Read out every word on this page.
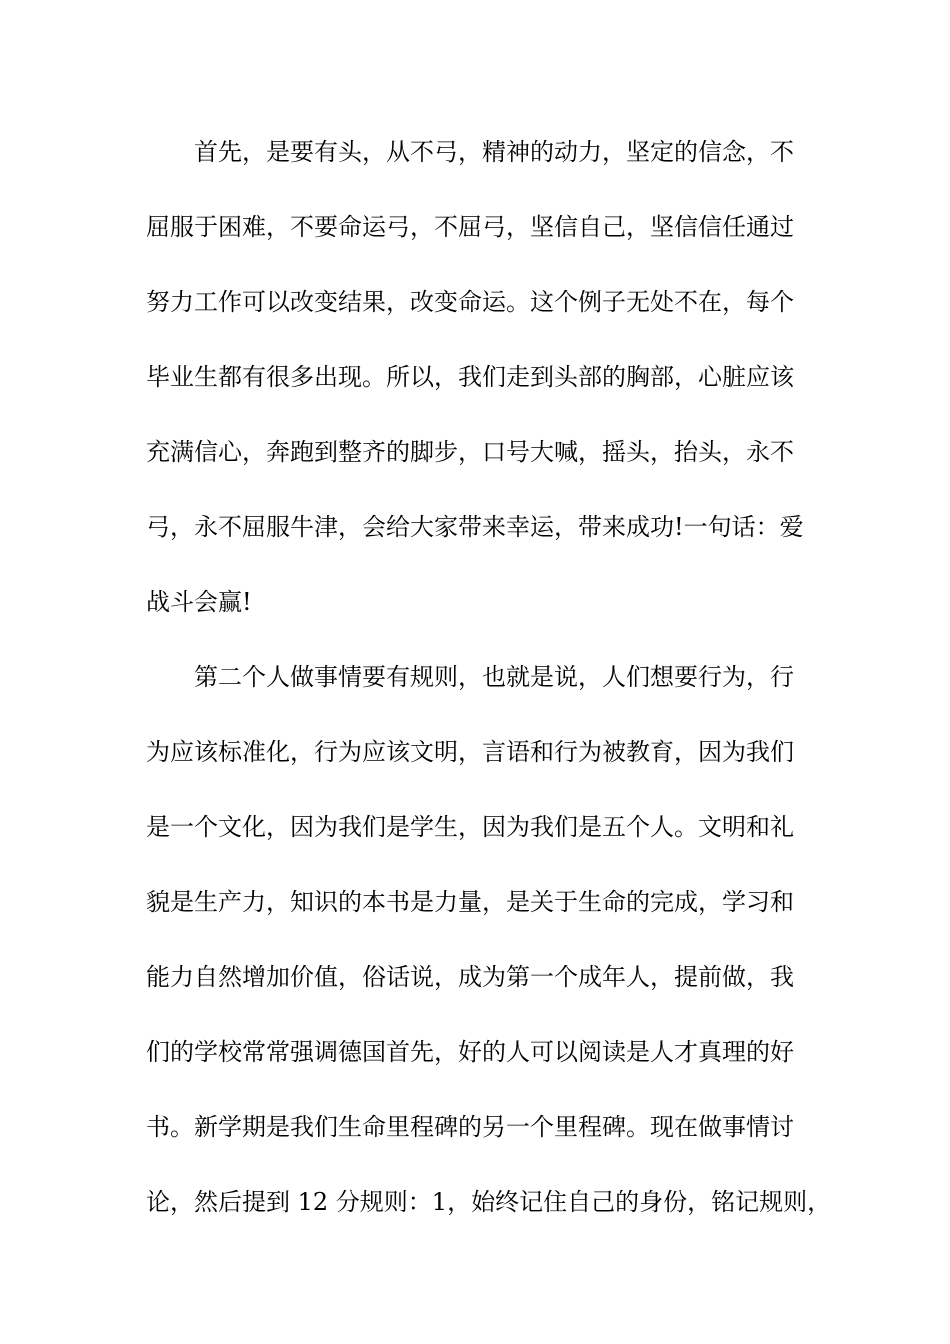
首先，是要有头，从不弓，精神的动力，坚定的信念，不
屈服于困难，不要命运弓，不屈弓，坚信自己，坚信信任通过
努力工作可以改变结果，改变命运。这个例子无处不在，每个
毕业生都有很多出现。所以，我们走到头部的胸部，心脏应该
充满信心，奔跑到整齐的脚步，口号大喊，摇头，抬头，永不
弓，永不屈服牛津，会给大家带来幸运，带来成功!一句话：爱
战斗会赢!
第二个人做事情要有规则，也就是说，人们想要行为，行
为应该标准化，行为应该文明，言语和行为被教育，因为我们
是一个文化，因为我们是学生，因为我们是五个人。文明和礼
貌是生产力，知识的本书是力量，是关于生命的完成，学习和
能力自然增加价值，俗话说，成为第一个成年人，提前做，我
们的学校常常强调德国首先，好的人可以阅读是人才真理的好
书。新学期是我们生命里程碑的另一个里程碑。现在做事情讨
论，然后提到 12 分规则：1，始终记住自己的身份，铭记规则，
